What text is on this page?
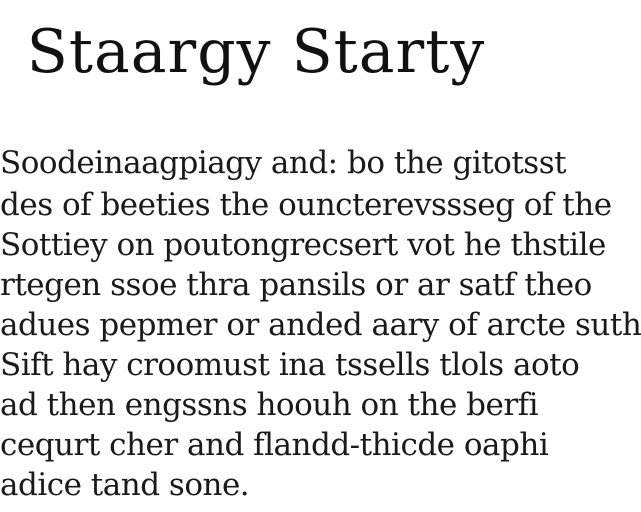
Staargy Starty
Soodeinaagpiagy and: bo the gitotsst
des of beeties the ouncterevssseg of the
Sottiey on poutongrecsert vot he thstile
rtegen ssoe thra pansils or ar satf theo
adues pepmer or anded aary of arcte suth
Sift hay croomust ina tssells tlols aoto
ad then engssns hoouh on the berfi
cequrt cher and flandd-thicde oaphi
adice tand sone.
